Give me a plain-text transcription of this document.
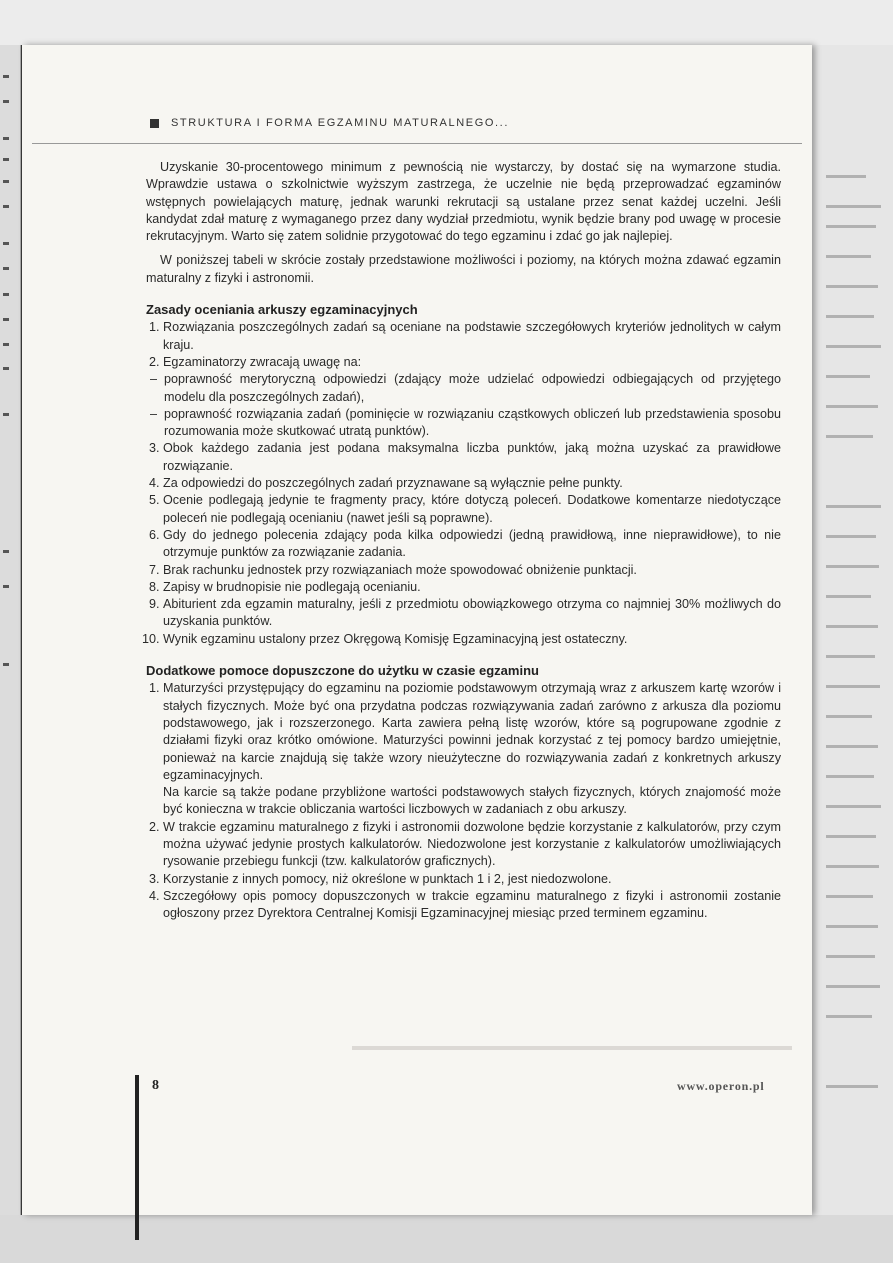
STRUKTURA I FORMA EGZAMINU MATURALNEGO...

Uzyskanie 30-procentowego minimum z pewnością nie wystarczy, by dostać się na wymarzone studia. Wprawdzie ustawa o szkolnictwie wyższym zastrzega, że uczelnie nie będą przeprowadzać egzaminów wstępnych powielających maturę, jednak warunki rekrutacji są ustalane przez senat każdej uczelni. Jeśli kandydat zdał maturę z wymaganego przez dany wydział przedmiotu, wynik będzie brany pod uwagę w procesie rekrutacyjnym. Warto się zatem solidnie przygotować do tego egzaminu i zdać go jak najlepiej.

W poniższej tabeli w skrócie zostały przedstawione możliwości i poziomy, na których można zdawać egzamin maturalny z fizyki i astronomii.

Zasady oceniania arkuszy egzaminacyjnych
1. Rozwiązania poszczególnych zadań są oceniane na podstawie szczegółowych kryteriów jednolitych w całym kraju.
2. Egzaminatorzy zwracają uwagę na:
– poprawność merytoryczną odpowiedzi (zdający może udzielać odpowiedzi odbiegających od przyjętego modelu dla poszczególnych zadań),
– poprawność rozwiązania zadań (pominięcie w rozwiązaniu cząstkowych obliczeń lub przedstawienia sposobu rozumowania może skutkować utratą punktów).
3. Obok każdego zadania jest podana maksymalna liczba punktów, jaką można uzyskać za prawidłowe rozwiązanie.
4. Za odpowiedzi do poszczególnych zadań przyznawane są wyłącznie pełne punkty.
5. Ocenie podlegają jedynie te fragmenty pracy, które dotyczą poleceń. Dodatkowe komentarze niedotyczące poleceń nie podlegają ocenianiu (nawet jeśli są poprawne).
6. Gdy do jednego polecenia zdający poda kilka odpowiedzi (jedną prawidłową, inne nieprawidłowe), to nie otrzymuje punktów za rozwiązanie zadania.
7. Brak rachunku jednostek przy rozwiązaniach może spowodować obniżenie punktacji.
8. Zapisy w brudnopisie nie podlegają ocenianiu.
9. Abiturient zda egzamin maturalny, jeśli z przedmiotu obowiązkowego otrzyma co najmniej 30% możliwych do uzyskania punktów.
10. Wynik egzaminu ustalony przez Okręgową Komisję Egzaminacyjną jest ostateczny.
Dodatkowe pomoce dopuszczone do użytku w czasie egzaminu
1. Maturzyści przystępujący do egzaminu na poziomie podstawowym otrzymają wraz z arkuszem kartę wzorów i stałych fizycznych. Może być ona przydatna podczas rozwiązywania zadań zarówno z arkusza dla poziomu podstawowego, jak i rozszerzonego. Karta zawiera pełną listę wzorów, które są pogrupowane zgodnie z działami fizyki oraz krótko omówione. Maturzyści powinni jednak korzystać z tej pomocy bardzo umiejętnie, ponieważ na karcie znajdują się także wzory nieużyteczne do rozwiązywania zadań z konkretnych arkuszy egzaminacyjnych.
Na karcie są także podane przybliżone wartości podstawowych stałych fizycznych, których znajomość może być konieczna w trakcie obliczania wartości liczbowych w zadaniach z obu arkuszy.
2. W trakcie egzaminu maturalnego z fizyki i astronomii dozwolone będzie korzystanie z kalkulatorów, przy czym można używać jedynie prostych kalkulatorów. Niedozwolone jest korzystanie z kalkulatorów umożliwiających rysowanie przebiegu funkcji (tzw. kalkulatorów graficznych).
3. Korzystanie z innych pomocy, niż określone w punktach 1 i 2, jest niedozwolone.
4. Szczegółowy opis pomocy dopuszczonych w trakcie egzaminu maturalnego z fizyki i astronomii zostanie ogłoszony przez Dyrektora Centralnej Komisji Egzaminacyjnej miesiąc przed terminem egzaminu.
8	www.operon.pl
